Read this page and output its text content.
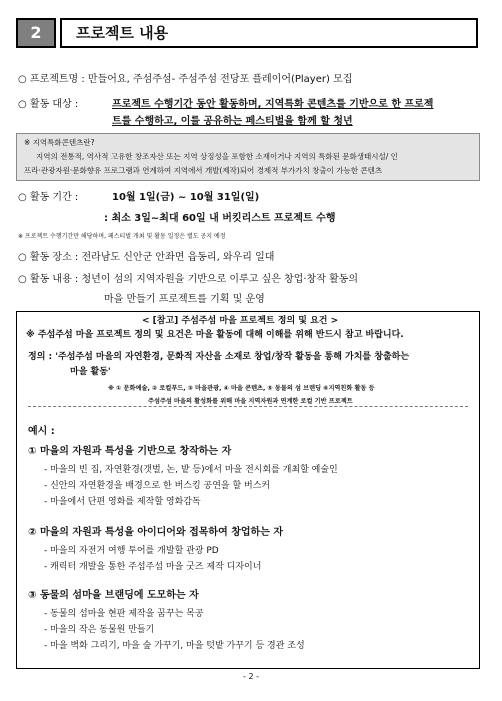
2	프로젝트 내용
○ 프로젝트명 : 만들어요, 주섬주섬- 주섬주섬 전당포 플레이어(Player) 모집
○ 활동 대상 :	프로젝트 수행기간 동안 활동하며, 지역특화 콘텐츠를 기반으로 한 프로젝
트를 수행하고, 이를 공유하는 페스티벌을 함께 할 청년
※ 지역특화콘텐츠란?
지역의 전통적, 역사적 고유한 창조자산 또는 지역 상징성을 포함한 소재이거나 지역의 특화된 문화생태시설/ 인
프라·관광자원·문화향유 프로그램과 연계하여 지역에서 개발(제작)되어 경제적 부가가치 창출이 가능한 콘텐츠
○ 활동 기간 :	10월 1일(금) ~ 10월 31일(일)
: 최소 3일~최대 60일 내 버킷리스트 프로젝트 수행
※ 프로젝트 수행기간만 해당하며, 페스티벌 개최 및 활동 일정은 별도 공지 예정
○ 활동 장소 : 전라남도 신안군 안좌면 읍동리, 와우리 일대
○ 활동 내용 : 청년이 섬의 지역자원을 기반으로 이루고 싶은 창업·창작 활동의
마을 만들기 프로젝트를 기획 및 운영
< [참고] 주섬주섬 마을 프로젝트 정의 및 요건 >
※ 주섬주섬 마을 프로젝트 정의 및 요건은 마을 활동에 대해 이해를 위해 반드시 참고 바랍니다.
정의 : '주섬주섬 마을의 자연환경, 문화적 자산을 소재로 창업/창작 활동을 통해 가치를 창출하는
마을 활동'
※ ① 문화예술, ② 로컬푸드, ③ 마을관광, ④ 마을 콘텐츠, ⑤ 동물의 섬 브랜딩 ⑥지역친화 활동 등
주섬주섬 마을의 활성화를 위해 마을 지역자원과 연계한 로컬 기반 프로젝트
예시 :
① 마을의 자원과 특성을 기반으로 창작하는 자
- 마을의 빈 집, 자연환경(갯벌, 논, 밭 등)에서 마을 전시회를 개최할 예술인
- 신안의 자연환경을 배경으로 한 버스킹 공연을 할 버스커
- 마을에서 단편 영화를 제작할 영화감독
② 마을의 자원과 특성을 아이디어와 접목하여 창업하는 자
- 마을의 자전거 여행 투어를 개발할 관광 PD
- 캐릭터 개발을 통한 주섬주섬 마을 굿즈 제작 디자이너
③ 동물의 섬마을 브랜딩에 도모하는 자
- 동물의 섬마을 현판 제작을 꿈꾸는 목공
- 마을의 작은 동물원 만들기
- 마을 벽화 그리기, 마을 숲 가꾸기, 마을 텃밭 가꾸기 등 경관 조성
- 2 -
